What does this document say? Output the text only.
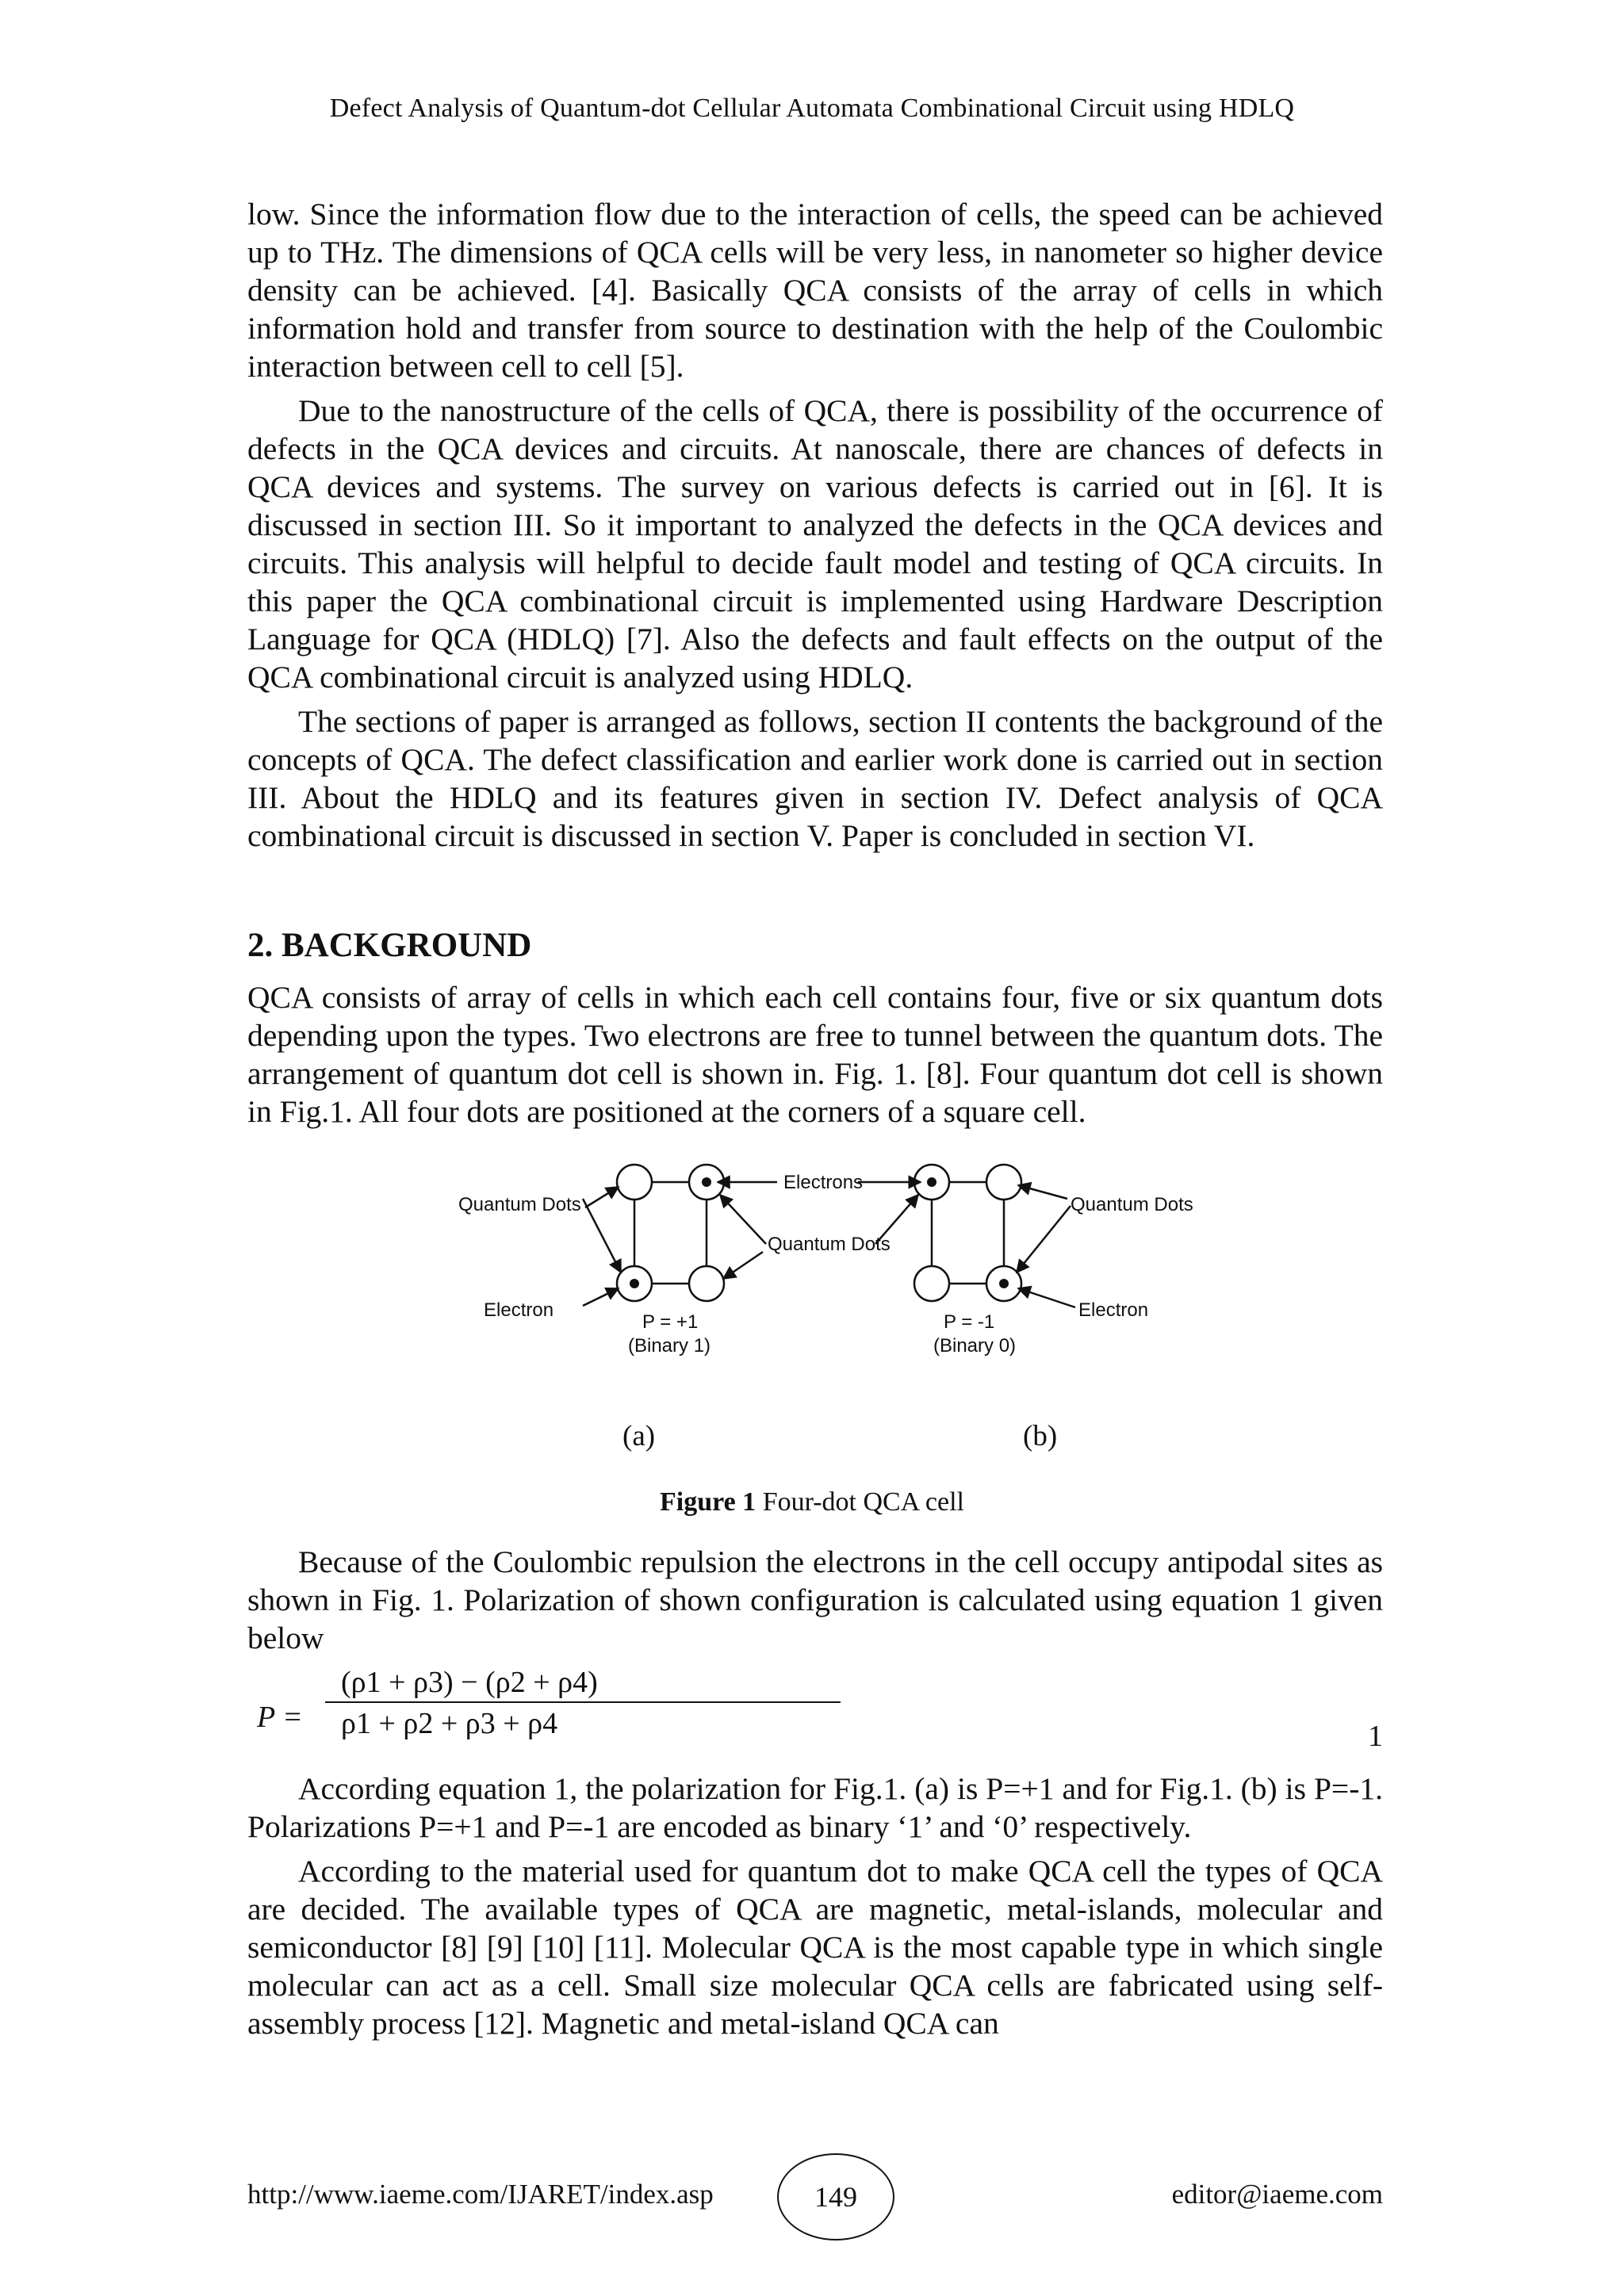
Defect Analysis of Quantum-dot Cellular Automata Combinational Circuit using HDLQ

low. Since the information flow due to the interaction of cells, the speed can be achieved up to THz. The dimensions of QCA cells will be very less, in nanometer so higher device density can be achieved. [4]. Basically QCA consists of the array of cells in which information hold and transfer from source to destination with the help of the Coulombic interaction between cell to cell [5].

Due to the nanostructure of the cells of QCA, there is possibility of the occurrence of defects in the QCA devices and circuits. At nanoscale, there are chances of defects in QCA devices and systems. The survey on various defects is carried out in [6]. It is discussed in section III. So it important to analyzed the defects in the QCA devices and circuits. This analysis will helpful to decide fault model and testing of QCA circuits. In this paper the QCA combinational circuit is implemented using Hardware Description Language for QCA (HDLQ) [7]. Also the defects and fault effects on the output of the QCA combinational circuit is analyzed using HDLQ.

The sections of paper is arranged as follows, section II contents the background of the concepts of QCA. The defect classification and earlier work done is carried out in section III. About the HDLQ and its features given in section IV. Defect analysis of QCA combinational circuit is discussed in section V. Paper is concluded in section VI.

2. BACKGROUND

QCA consists of array of cells in which each cell contains four, five or six quantum dots depending upon the types. Two electrons are free to tunnel between the quantum dots. The arrangement of quantum dot cell is shown in. Fig. 1. [8]. Four quantum dot cell is shown in Fig.1. All four dots are positioned at the corners of a square cell.

Quantum Dots
Electron
Electrons
Quantum Dots
Quantum Dots
Electron
P = +1
(Binary 1)
P = -1
(Binary 0)
(a)	(b)
Figure 1 Four-dot QCA cell

Because of the Coulombic repulsion the electrons in the cell occupy antipodal sites as shown in Fig. 1. Polarization of shown configuration is calculated using equation 1 given below

P =
(ρ1 + ρ3) − (ρ2 + ρ4)
ρ1 + ρ2 + ρ3 + ρ4	1

According equation 1, the polarization for Fig.1. (a) is P=+1 and for Fig.1. (b) is P=-1. Polarizations P=+1 and P=-1 are encoded as binary ‘1’ and ‘0’ respectively.

According to the material used for quantum dot to make QCA cell the types of QCA are decided. The available types of QCA are magnetic, metal-islands, molecular and semiconductor [8] [9] [10] [11]. Molecular QCA is the most capable type in which single molecular can act as a cell. Small size molecular QCA cells are fabricated using self-assembly process [12]. Magnetic and metal-island QCA can

http://www.iaeme.com/IJARET/index.asp	149	editor@iaeme.com
